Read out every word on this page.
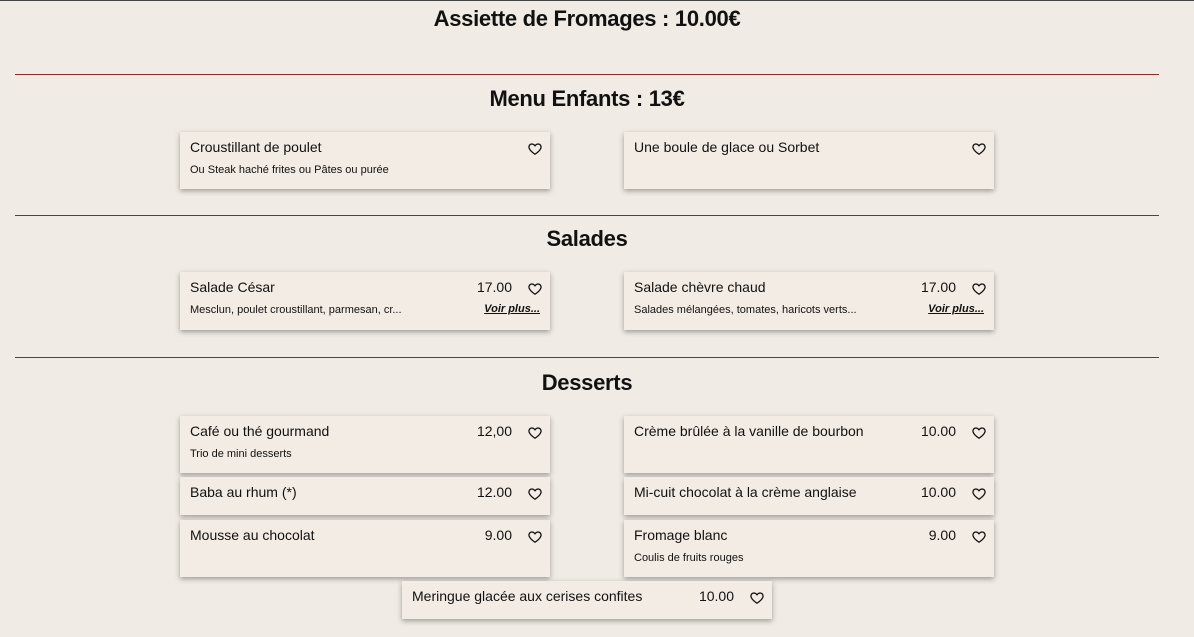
Assiette de Fromages : 10.00€
Menu Enfants : 13€
Croustillant de poulet
Ou Steak haché frites ou Pâtes ou purée
Une boule de glace ou Sorbet
Salades
Salade César	17.00
Mesclun, poulet croustillant, parmesan, cr...	Voir plus...
Salade chèvre chaud	17.00
Salades mélangées, tomates, haricots verts...	Voir plus...
Desserts
Café ou thé gourmand	12,00
Trio de mini desserts
Crème brûlée à la vanille de bourbon	10.00
Baba au rhum (*)	12.00	Mi-cuit chocolat à la crème anglaise	10.00
Mousse au chocolat	9.00	Fromage blanc	9.00
Coulis de fruits rouges
Meringue glacée aux cerises confites	10.00
